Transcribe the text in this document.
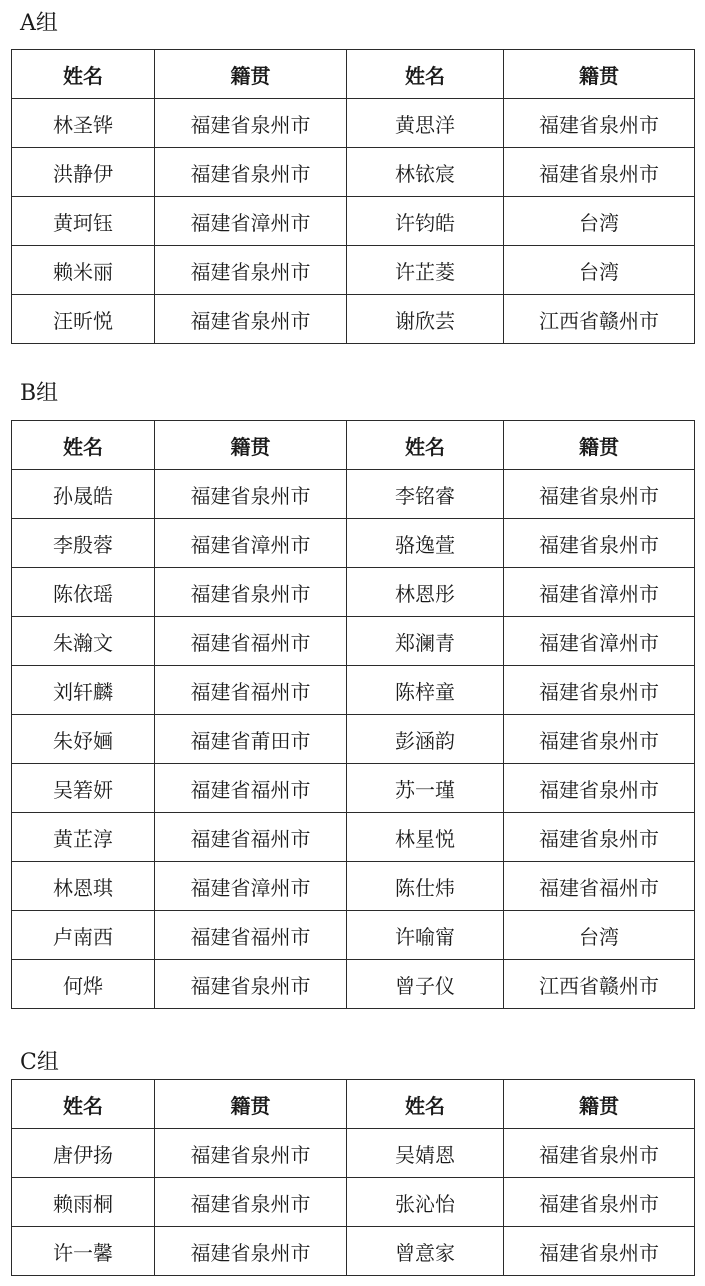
A组
姓名	籍贯	姓名	籍贯
林圣铧	福建省泉州市	黄思洋	福建省泉州市
洪静伊	福建省泉州市	林铱宸	福建省泉州市
黄珂钰	福建省漳州市	许钧皓	台湾
赖米丽	福建省泉州市	许芷菱	台湾
汪昕悦	福建省泉州市	谢欣芸	江西省赣州市
B组
姓名	籍贯	姓名	籍贯
孙晟皓	福建省泉州市	李铭睿	福建省泉州市
李殷蓉	福建省漳州市	骆逸萱	福建省泉州市
陈依瑶	福建省泉州市	林恩彤	福建省漳州市
朱瀚文	福建省福州市	郑澜青	福建省漳州市
刘轩麟	福建省福州市	陈梓童	福建省泉州市
朱妤婳	福建省莆田市	彭涵韵	福建省泉州市
吴箬妍	福建省福州市	苏一瑾	福建省泉州市
黄芷淳	福建省福州市	林星悦	福建省泉州市
林恩琪	福建省漳州市	陈仕炜	福建省福州市
卢南西	福建省福州市	许喻甯	台湾
何烨	福建省泉州市	曾子仪	江西省赣州市
C组
姓名	籍贯	姓名	籍贯
唐伊扬	福建省泉州市	吴婧恩	福建省泉州市
赖雨桐	福建省泉州市	张沁怡	福建省泉州市
许一馨	福建省泉州市	曾意家	福建省泉州市
